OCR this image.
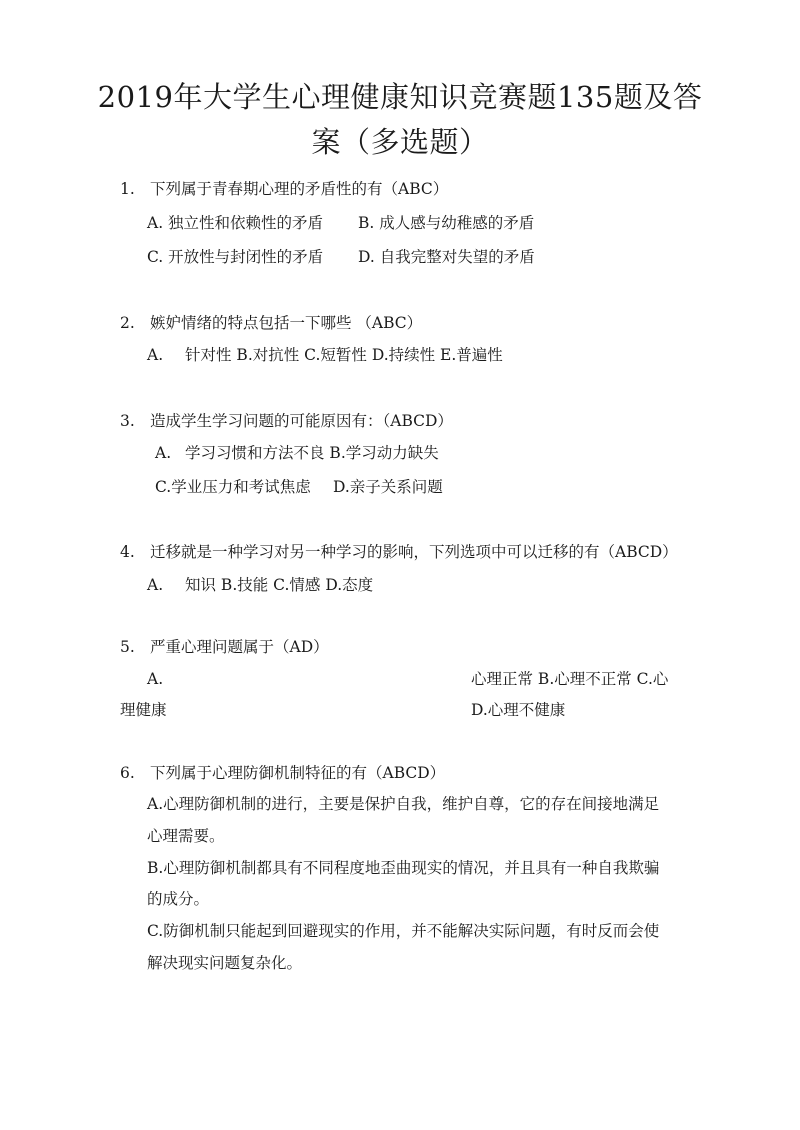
2019年大学生心理健康知识竞赛题135题及答
案（多选题）
1. 下列属于青春期心理的矛盾性的有（ABC）
A. 独立性和依赖性的矛盾 B. 成人感与幼稚感的矛盾
C. 开放性与封闭性的矛盾 D. 自我完整对失望的矛盾
2. 嫉妒情绪的特点包括一下哪些 （ABC）
A. 针对性 B.对抗性 C.短暂性 D.持续性 E.普遍性
3. 造成学生学习问题的可能原因有：（ABCD）
A. 学习习惯和方法不良 B.学习动力缺失
C.学业压力和考试焦虑 D.亲子关系问题
4. 迁移就是一种学习对另一种学习的影响，下列选项中可以迁移的有（ABCD）
A. 知识 B.技能 C.情感 D.态度
5. 严重心理问题属于（AD）
A.	心理正常 B.心理不正常 C.心
理健康	D.心理不健康
6. 下列属于心理防御机制特征的有（ABCD）
A.心理防御机制的进行，主要是保护自我，维护自尊，它的存在间接地满足
心理需要。
B.心理防御机制都具有不同程度地歪曲现实的情况，并且具有一种自我欺骗
的成分。
C.防御机制只能起到回避现实的作用，并不能解决实际问题，有时反而会使
解决现实问题复杂化。
